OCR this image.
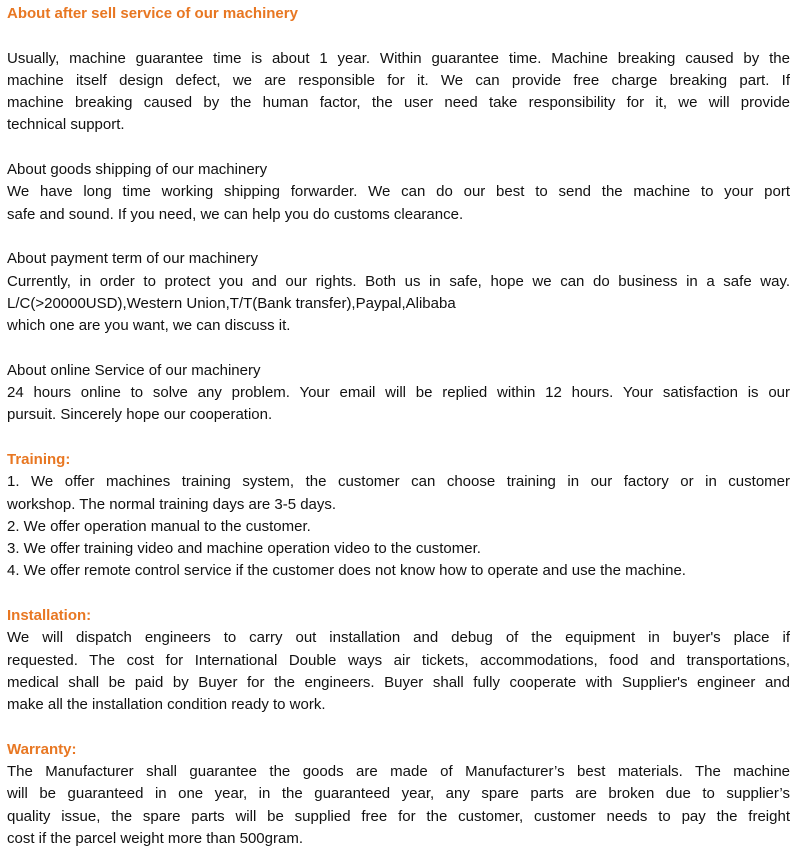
About after sell service of our machinery
Usually, machine guarantee time is about 1 year. Within guarantee time. Machine breaking caused by the
machine itself design defect, we are responsible for it. We can provide free charge breaking part. If
machine breaking caused by the human factor, the user need take responsibility for it, we will provide
technical support.
About goods shipping of our machinery
We have long time working shipping forwarder. We can do our best to send the machine to your port
safe and sound. If you need, we can help you do customs clearance.
About payment term of our machinery
Currently, in order to protect you and our rights. Both us in safe, hope we can do business in a safe way.
L/C(>20000USD),Western Union,T/T(Bank transfer),Paypal,Alibaba
which one are you want, we can discuss it.
About online Service of our machinery
24 hours online to solve any problem. Your email will be replied within 12 hours. Your satisfaction is our
pursuit. Sincerely hope our cooperation.
Training:
1. We offer machines training system, the customer can choose training in our factory or in customer
workshop. The normal training days are 3-5 days.
2. We offer operation manual to the customer.
3. We offer training video and machine operation video to the customer.
4. We offer remote control service if the customer does not know how to operate and use the machine.
Installation:
We will dispatch engineers to carry out installation and debug of the equipment in buyer's place if
requested. The cost for International Double ways air tickets, accommodations, food and transportations,
medical shall be paid by Buyer for the engineers. Buyer shall fully cooperate with Supplier's engineer and
make all the installation condition ready to work.
Warranty:
The Manufacturer shall guarantee the goods are made of Manufacturer’s best materials. The machine
will be guaranteed in one year, in the guaranteed year, any spare parts are broken due to supplier’s
quality issue, the spare parts will be supplied free for the customer, customer needs to pay the freight
cost if the parcel weight more than 500gram.
